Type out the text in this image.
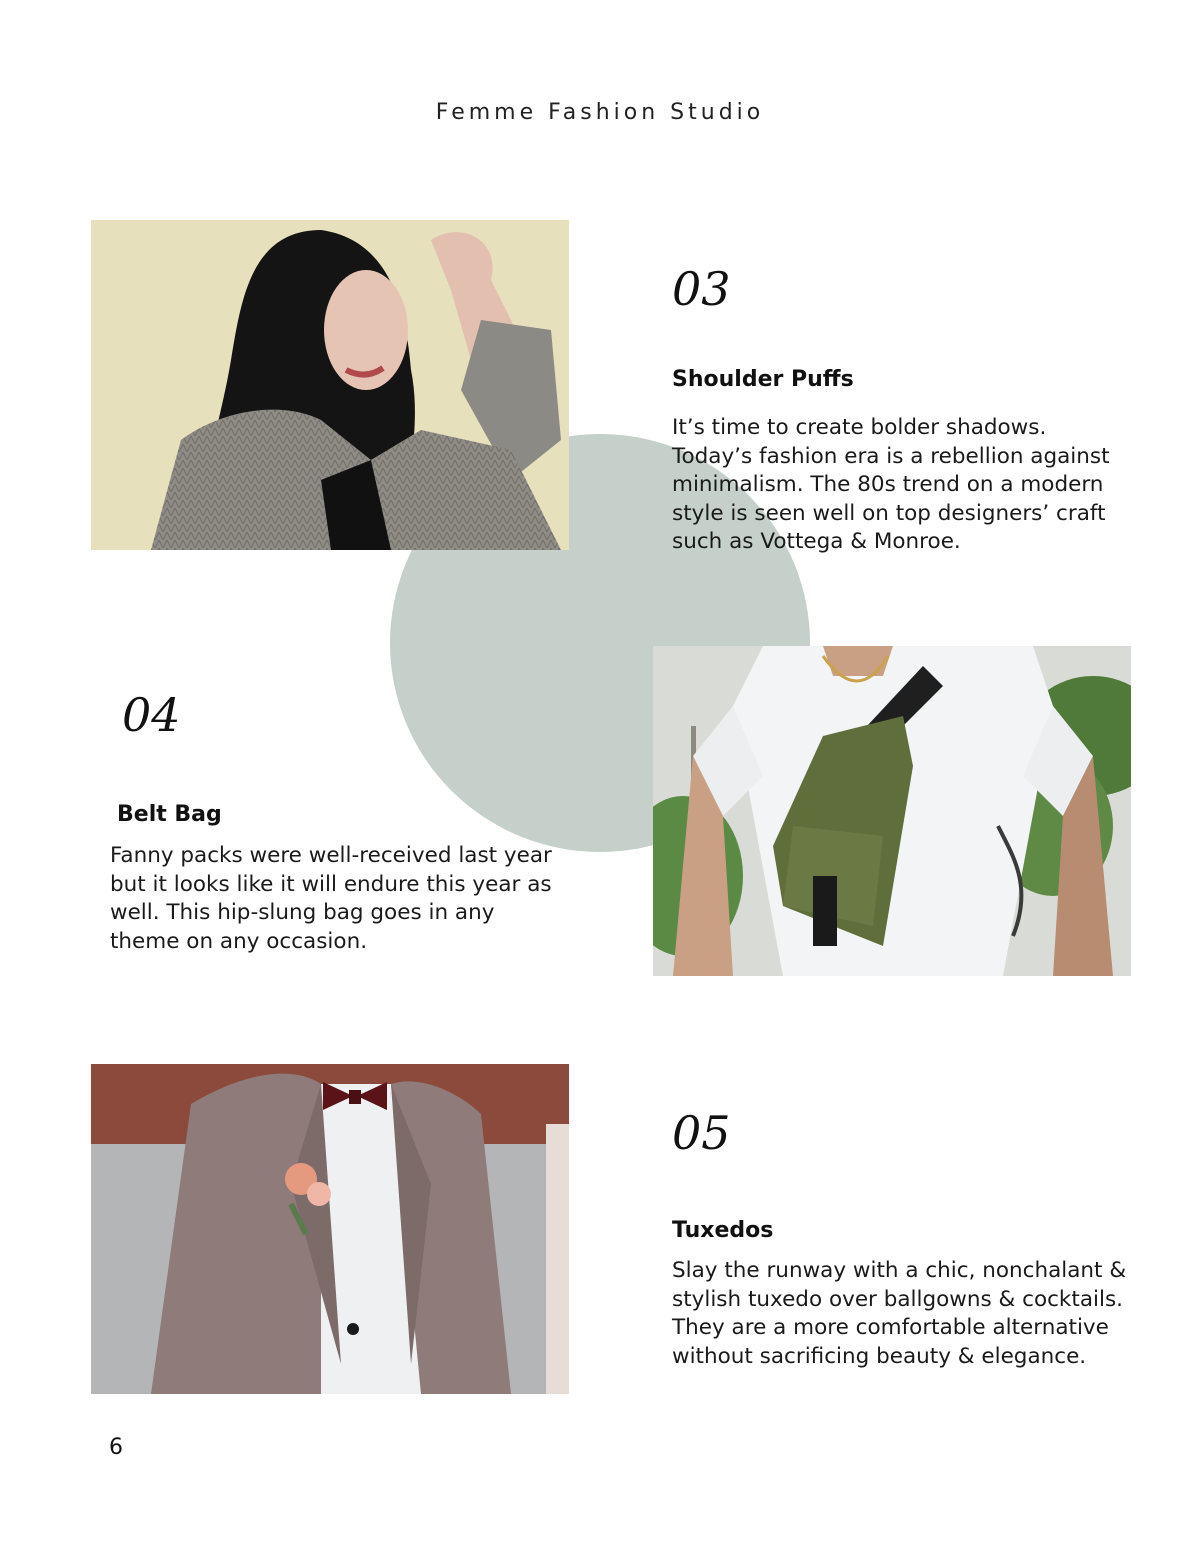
Femme Fashion Studio
03
Shoulder Puffs
It’s time to create bolder shadows. Today’s fashion era is a rebellion against minimalism. The 80s trend on a modern style is seen well on top designers’ craft such as Vottega & Monroe.
04
Belt Bag
Fanny packs were well-received last year but it looks like it will endure this year as well. This hip-slung bag goes in any theme on any occasion.
05
Tuxedos
Slay the runway with a chic, nonchalant & stylish tuxedo over ballgowns & cocktails. They are a more comfortable alternative without sacrificing beauty & elegance.
6
